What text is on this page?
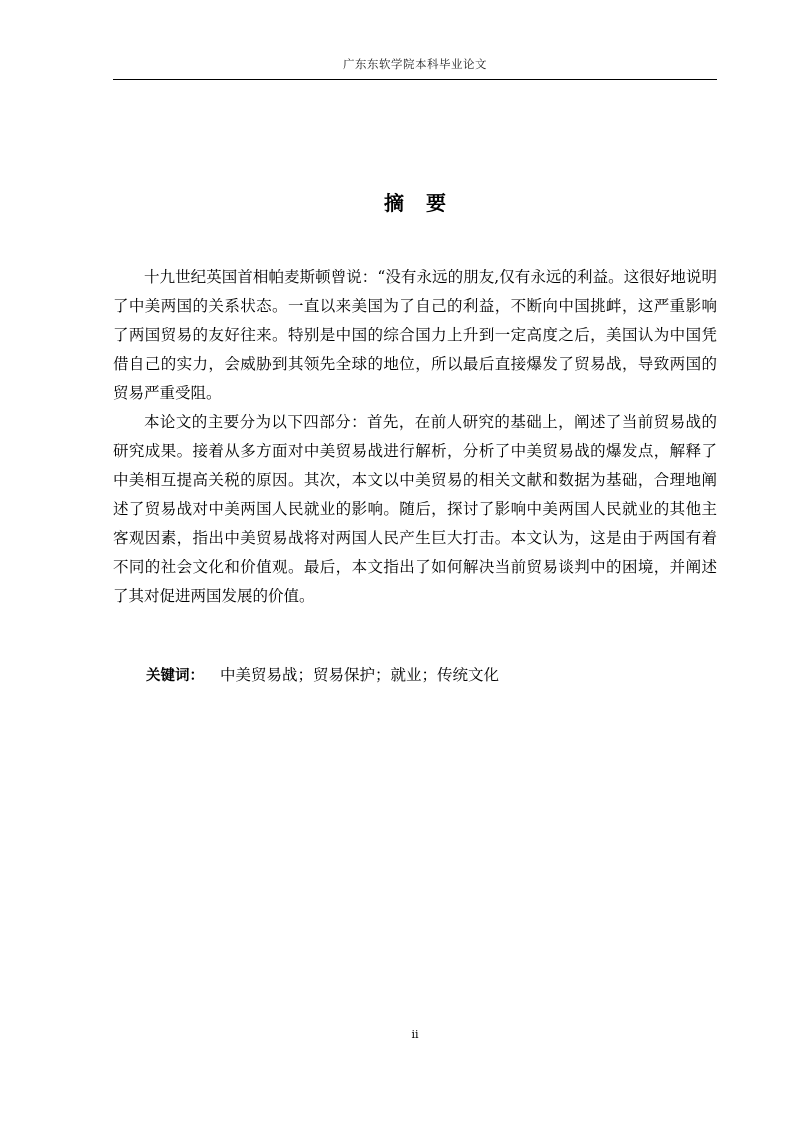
广东东软学院本科毕业论文
摘 要

十九世纪英国首相帕麦斯顿曾说：“没有永远的朋友,仅有永远的利益。这很好地说明了中美两国的关系状态。一直以来美国为了自己的利益，不断向中国挑衅，这严重影响了两国贸易的友好往来。特别是中国的综合国力上升到一定高度之后，美国认为中国凭借自己的实力，会威胁到其领先全球的地位，所以最后直接爆发了贸易战，导致两国的贸易严重受阻。

本论文的主要分为以下四部分：首先，在前人研究的基础上，阐述了当前贸易战的研究成果。接着从多方面对中美贸易战进行解析，分析了中美贸易战的爆发点，解释了中美相互提高关税的原因。其次，本文以中美贸易的相关文献和数据为基础，合理地阐述了贸易战对中美两国人民就业的影响。随后，探讨了影响中美两国人民就业的其他主客观因素，指出中美贸易战将对两国人民产生巨大打击。本文认为，这是由于两国有着不同的社会文化和价值观。最后，本文指出了如何解决当前贸易谈判中的困境，并阐述了其对促进两国发展的价值。

关键词： 中美贸易战；贸易保护；就业；传统文化
ii
